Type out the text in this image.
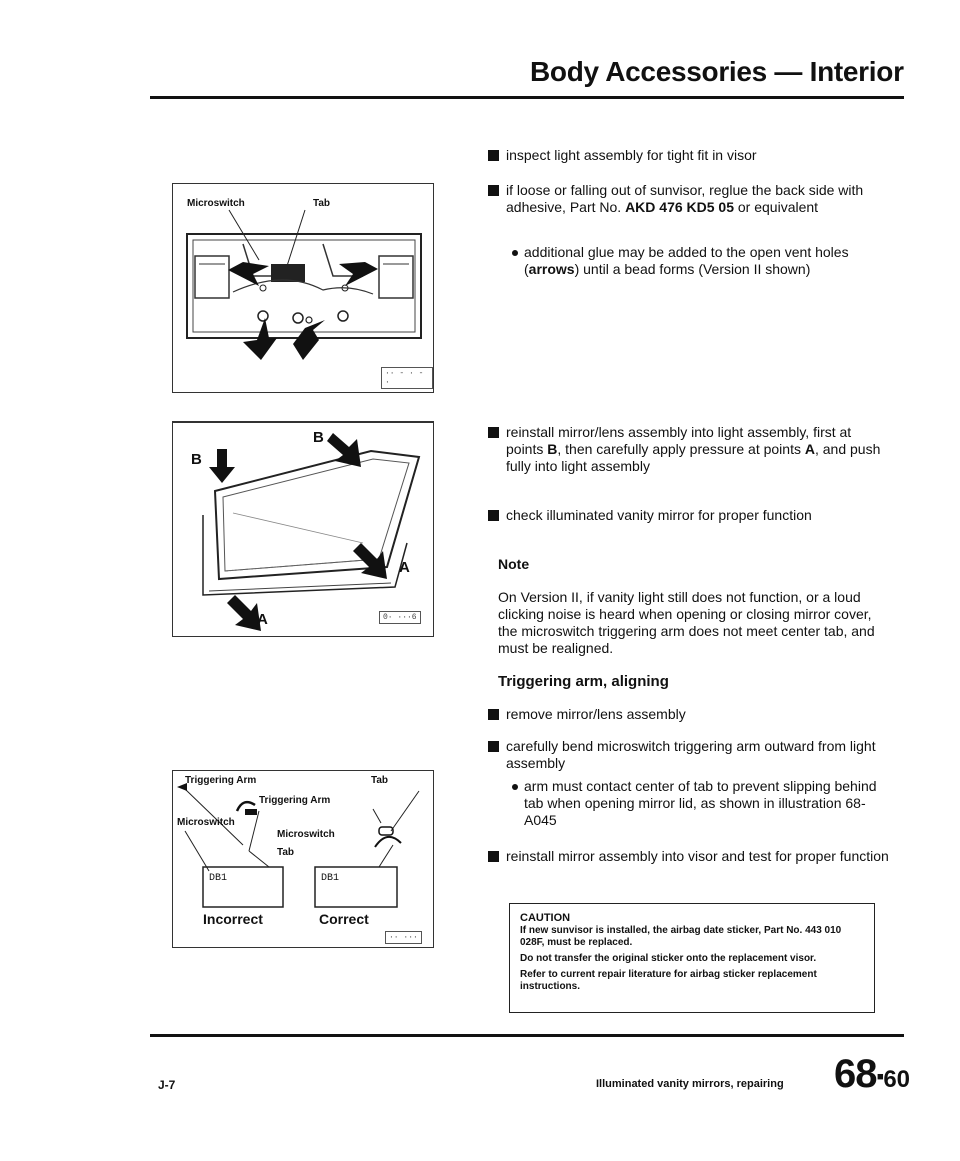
Body Accessories — Interior
Microswitch	Tab
·· - · - ·
B
B
A
A	0· ···6
Triggering Arm	Tab
Triggering Arm
Microswitch
Microswitch
Tab
DB1	DB1
Incorrect	Correct
·· ···
inspect light assembly for tight fit in visor
if loose or falling out of sunvisor, reglue the back side with adhesive, Part No. AKD 476 KD5 05 or equivalent
additional glue may be added to the open vent holes (arrows) until a bead forms (Version II shown)
reinstall mirror/lens assembly into light assembly, first at points B, then carefully apply pressure at points A, and push fully into light assembly
check illuminated vanity mirror for proper function
Note
On Version II, if vanity light still does not function, or a loud clicking noise is heard when opening or closing mirror cover, the microswitch triggering arm does not meet center tab, and must be realigned.
Triggering arm, aligning
remove mirror/lens assembly
carefully bend microswitch triggering arm outward from light assembly
arm must contact center of tab to prevent slipping behind tab when opening mirror lid, as shown in illustration 68-A045
reinstall mirror assembly into visor and test for proper function

CAUTION

If new sunvisor is installed, the airbag date sticker, Part No. 443 010 028F, must be replaced.

Do not transfer the original sticker onto the replacement visor.

Refer to current repair literature for airbag sticker replacement instructions.

J-7	Illuminated vanity mirrors, repairing 68▪60
